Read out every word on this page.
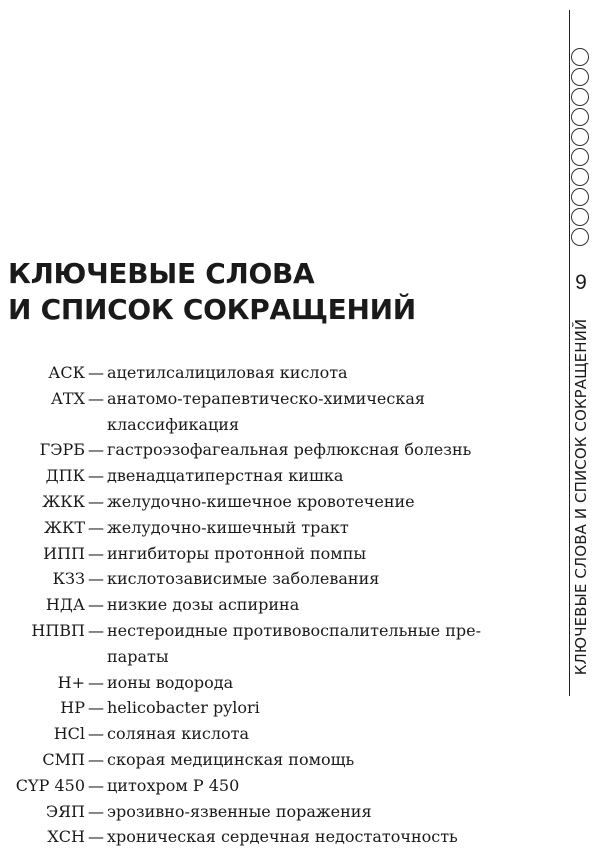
9
КЛЮЧЕВЫЕ СЛОВА И СПИСОК СОКРАЩЕНИЙ
КЛЮЧЕВЫЕ СЛОВА
И СПИСОК СОКРАЩЕНИЙ
АСК — ацетилсалициловая кислота
АТХ — анатомо-терапевтическо-химическая классификация
ГЭРБ — гастроэзофагеальная рефлюксная болезнь
ДПК — двенадцатиперстная кишка
ЖКК — желудочно-кишечное кровотечение
ЖКТ — желудочно-кишечный тракт
ИПП — ингибиторы протонной помпы
КЗЗ — кислотозависимые заболевания
НДА — низкие дозы аспирина
НПВП — нестероидные противовоспалительные пре-паpаты
H+ — ионы водорода
HP — helicobacter pylori
HCl — соляная кислота
СМП — скорая медицинская помощь
CYP 450 — цитохром P 450
ЭЯП — эрозивно-язвенные поражения
ХСН — хроническая сердечная недостаточность
